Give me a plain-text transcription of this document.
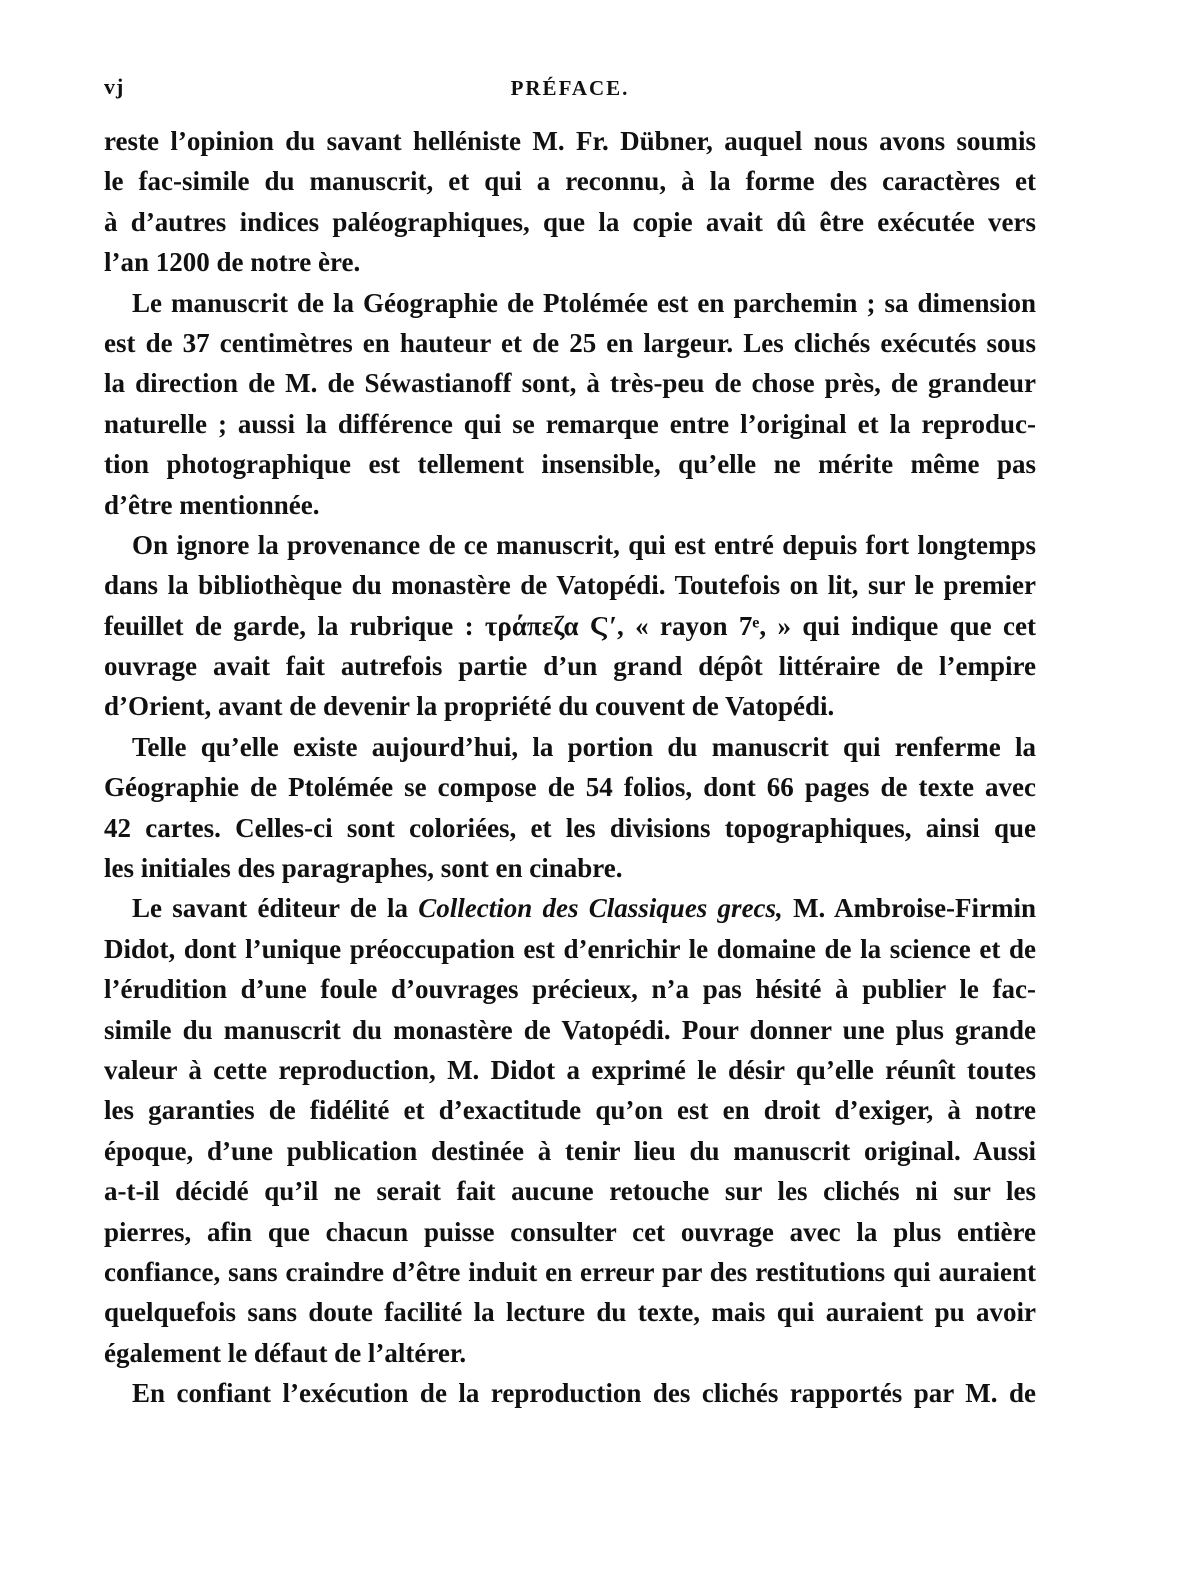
vj	PRÉFACE.
reste l’opinion du savant helléniste M. Fr. Dübner, auquel nous avons soumis
le fac-simile du manuscrit, et qui a reconnu, à la forme des caractères et
à d’autres indices paléographiques, que la copie avait dû être exécutée vers
l’an 1200 de notre ère.
Le manuscrit de la Géographie de Ptolémée est en parchemin ; sa dimension
est de 37 centimètres en hauteur et de 25 en largeur. Les clichés exécutés sous
la direction de M. de Séwastianoff sont, à très-peu de chose près, de grandeur
naturelle ; aussi la différence qui se remarque entre l’original et la reproduc-
tion photographique est tellement insensible, qu’elle ne mérite même pas
d’être mentionnée.
On ignore la provenance de ce manuscrit, qui est entré depuis fort longtemps
dans la bibliothèque du monastère de Vatopédi. Toutefois on lit, sur le premier
feuillet de garde, la rubrique : τράπεζα Ϛ′, « rayon 7ᵉ, » qui indique que cet
ouvrage avait fait autrefois partie d’un grand dépôt littéraire de l’empire
d’Orient, avant de devenir la propriété du couvent de Vatopédi.
Telle qu’elle existe aujourd’hui, la portion du manuscrit qui renferme la
Géographie de Ptolémée se compose de 54 folios, dont 66 pages de texte avec
42 cartes. Celles-ci sont coloriées, et les divisions topographiques, ainsi que
les initiales des paragraphes, sont en cinabre.
Le savant éditeur de la Collection des Classiques grecs, M. Ambroise-Firmin
Didot, dont l’unique préoccupation est d’enrichir le domaine de la science et de
l’érudition d’une foule d’ouvrages précieux, n’a pas hésité à publier le fac-
simile du manuscrit du monastère de Vatopédi. Pour donner une plus grande
valeur à cette reproduction, M. Didot a exprimé le désir qu’elle réunît toutes
les garanties de fidélité et d’exactitude qu’on est en droit d’exiger, à notre
époque, d’une publication destinée à tenir lieu du manuscrit original. Aussi
a-t-il décidé qu’il ne serait fait aucune retouche sur les clichés ni sur les
pierres, afin que chacun puisse consulter cet ouvrage avec la plus entière
confiance, sans craindre d’être induit en erreur par des restitutions qui auraient
quelquefois sans doute facilité la lecture du texte, mais qui auraient pu avoir
également le défaut de l’altérer.
En confiant l’exécution de la reproduction des clichés rapportés par M. de
